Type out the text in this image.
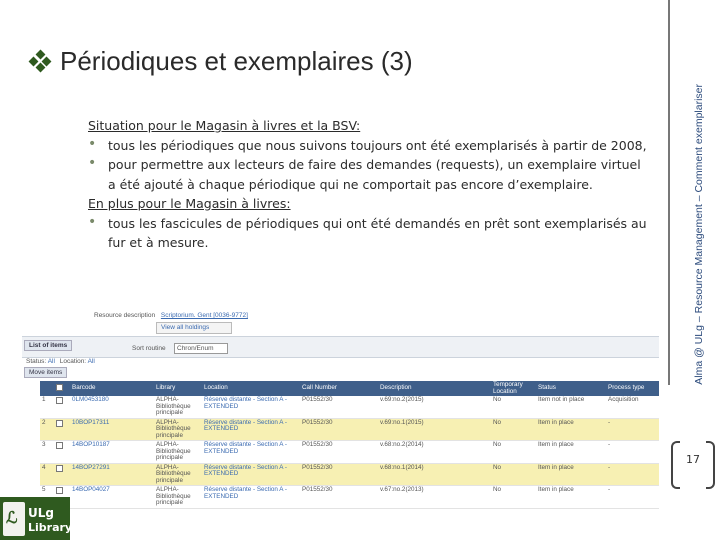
Périodiques et exemplaires (3)
Alma @ ULg – Resource Management – Comment exemplariser
17
Situation pour le Magasin à livres et la BSV:
• tous les périodiques que nous suivons toujours ont été exemplarisés à partir de 2008,
• pour permettre aux lecteurs de faire des demandes (requests), un exemplaire virtuel a été ajouté à chaque périodique qui ne comportait pas encore d’exemplaire.
En plus pour le Magasin à livres:
• tous les fascicules de périodiques qui ont été demandés en prêt sont exemplarisés au fur et à mesure.
Resource description Scriptorium. Gent [0036-9772]
View all holdings
List of items	Sort routine	Chron/Enum
Status: All Location: All
Move items
		Barcode	Library	Location	Call Number	Description	Temporary Location	Status	Process type
1		0LM0453180	ALPHA-Bibliothèque principale	Réserve distante - Section A - EXTENDED	P01552/30	v.69:no.2(2015)	No	Item not in place	Acquisition
2		10BOP17311	ALPHA-Bibliothèque principale	Réserve distante - Section A - EXTENDED	P01552/30	v.69:no.1(2015)	No	Item in place	-
3		14BOP10187	ALPHA-Bibliothèque principale	Réserve distante - Section A - EXTENDED	P01552/30	v.68:no.2(2014)	No	Item in place	-
4		14BOP27291	ALPHA-Bibliothèque principale	Réserve distante - Section A - EXTENDED	P01552/30	v.68:no.1(2014)	No	Item in place	-
5		14BOP04027	ALPHA-Bibliothèque principale	Réserve distante - Section A - EXTENDED	P01552/30	v.67:no.2(2013)	No	Item in place	-
ℒ ULg
Library
